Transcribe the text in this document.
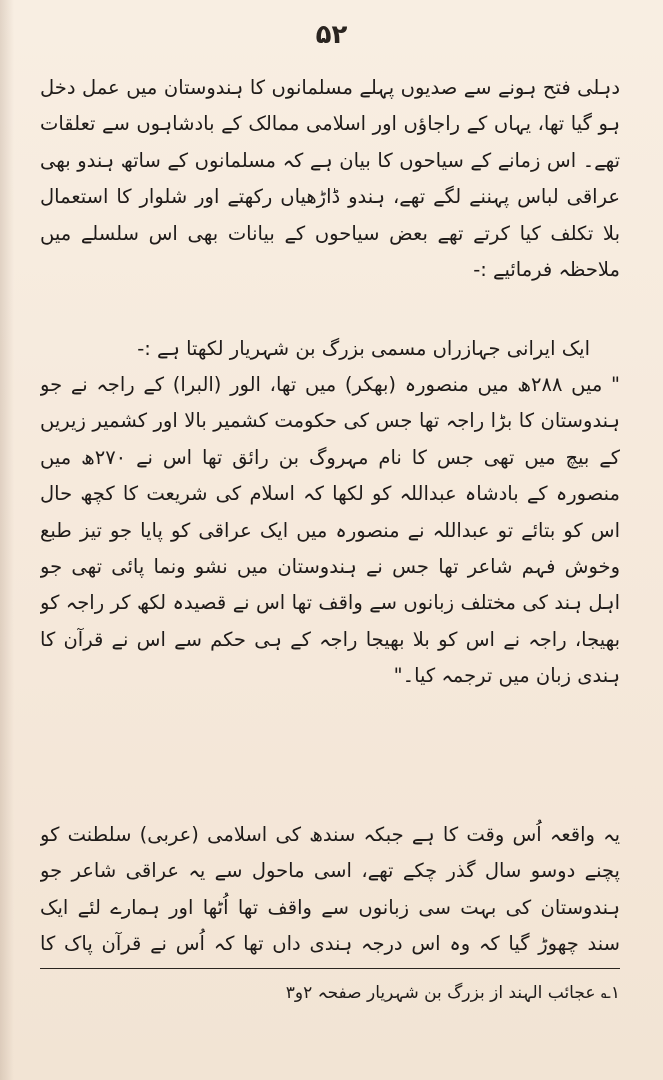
۵۲

دہلی فتح ہونے سے صدیوں پہلے مسلمانوں کا ہندوستان میں عمل دخل ہو گیا تھا، یہاں کے راجاؤں اور اسلامی ممالک کے بادشاہوں سے تعلقات تھے۔ اس زمانے کے سیاحوں کا بیان ہے کہ مسلمانوں کے ساتھ ہندو بھی عراقی لباس پہننے لگے تھے، ہندو ڈاڑھیاں رکھتے اور شلوار کا استعمال بلا تکلف کیا کرتے تھے بعض سیاحوں کے بیانات بھی اس سلسلے میں ملاحظہ فرمائیے :-

ایک ایرانی جہازراں مسمی بزرگ بن شہریار لکھتا ہے :-

" میں ۲۸۸ھ میں منصورہ (بھکر) میں تھا، الور (البرا) کے راجہ نے جو ہندوستان کا بڑا راجہ تھا جس کی حکومت کشمیر بالا اور کشمیر زیریں کے بیچ میں تھی جس کا نام مہروگ بن رائق تھا اس نے ۲۷۰ھ میں منصورہ کے بادشاہ عبداللہ کو لکھا کہ اسلام کی شریعت کا کچھ حال اس کو بتائے تو عبداللہ نے منصورہ میں ایک عراقی کو پایا جو تیز طبع وخوش فہم شاعر تھا جس نے ہندوستان میں نشو ونما پائی تھی جو اہل ہند کی مختلف زبانوں سے واقف تھا اس نے قصیدہ لکھ کر راجہ کو بھیجا، راجہ نے اس کو بلا بھیجا راجہ کے ہی حکم سے اس نے قرآن کا ہندی زبان میں ترجمہ کیا۔"

یہ واقعہ اُس وقت کا ہے جبکہ سندھ کی اسلامی (عربی) سلطنت کو پچنے دوسو سال گذر چکے تھے، اسی ماحول سے یہ عراقی شاعر جو ہندوستان کی بہت سی زبانوں سے واقف تھا اُٹھا اور ہمارے لئے ایک سند چھوڑ گیا کہ وہ اس درجہ ہندی داں تھا کہ اُس نے قرآن پاک کا

۱؎ عجائب الہند از بزرگ بن شہریار صفحہ ۲و۳
